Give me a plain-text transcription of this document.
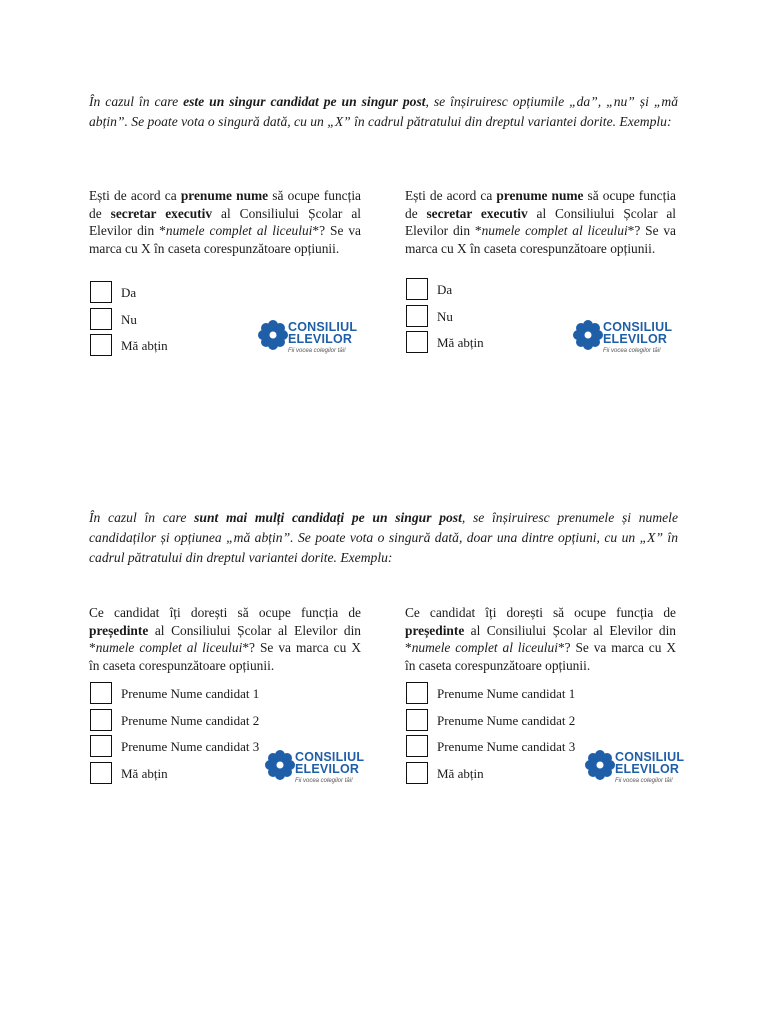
În cazul în care este un singur candidat pe un singur post, se înșiruiresc opțiumile „da”, „nu” și „mă abțin”. Se poate vota o singură dată, cu un „X” în cadrul pătratului din dreptul variantei dorite. Exemplu:
Ești de acord ca prenume nume să ocupe funcția de secretar executiv al Consiliului Școlar al Elevilor din *numele complet al liceului*? Se va marca cu X în caseta corespunzătoare opțiunii.
Da
Nu
Mă abțin
CONSILIUL
ELEVILOR
Fii vocea colegilor tăi!
Ești de acord ca prenume nume să ocupe funcția de secretar executiv al Consiliului Școlar al Elevilor din *numele complet al liceului*? Se va marca cu X în caseta corespunzătoare opțiunii.
Da
Nu
Mă abțin
CONSILIUL
ELEVILOR
Fii vocea colegilor tăi!
În cazul în care sunt mai mulți candidați pe un singur post, se înșiruiresc prenumele și numele candidaților și opțiunea „mă abțin”. Se poate vota o singură dată, doar una dintre opțiuni, cu un „X” în cadrul pătratului din dreptul variantei dorite. Exemplu:
Ce candidat îți dorești să ocupe funcția de președinte al Consiliului Școlar al Elevilor din *numele complet al liceului*? Se va marca cu X în caseta corespunzătoare opțiunii.
Prenume Nume candidat 1
Prenume Nume candidat 2
Prenume Nume candidat 3
Mă abțin
CONSILIUL
ELEVILOR
Fii vocea colegilor tăi!
Ce candidat îți dorești să ocupe funcția de președinte al Consiliului Școlar al Elevilor din *numele complet al liceului*? Se va marca cu X în caseta corespunzătoare opțiunii.
Prenume Nume candidat 1
Prenume Nume candidat 2
Prenume Nume candidat 3
Mă abțin
CONSILIUL
ELEVILOR
Fii vocea colegilor tăi!
